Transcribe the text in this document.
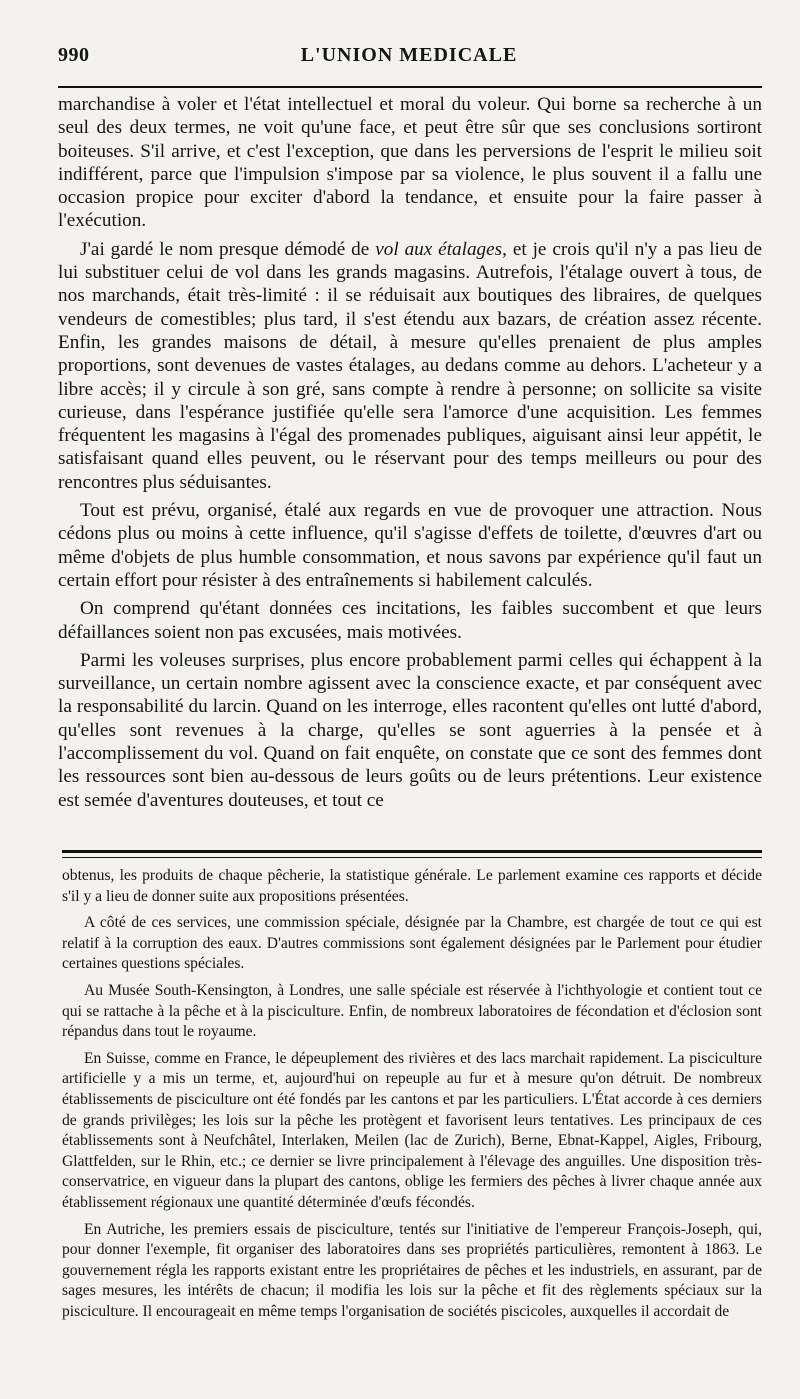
990	L'UNION MEDICALE

marchandise à voler et l'état intellectuel et moral du voleur. Qui borne sa recherche à un seul des deux termes, ne voit qu'une face, et peut être sûr que ses conclusions sortiront boiteuses. S'il arrive, et c'est l'exception, que dans les perversions de l'esprit le milieu soit indifférent, parce que l'impulsion s'impose par sa violence, le plus souvent il a fallu une occasion propice pour exciter d'abord la tendance, et ensuite pour la faire passer à l'exécution.

J'ai gardé le nom presque démodé de vol aux étalages, et je crois qu'il n'y a pas lieu de lui substituer celui de vol dans les grands magasins. Autrefois, l'étalage ouvert à tous, de nos marchands, était très-limité : il se réduisait aux boutiques des libraires, de quelques vendeurs de comestibles; plus tard, il s'est étendu aux bazars, de création assez récente. Enfin, les grandes maisons de détail, à mesure qu'elles prenaient de plus amples proportions, sont devenues de vastes étalages, au dedans comme au dehors. L'acheteur y a libre accès; il y circule à son gré, sans compte à rendre à personne; on sollicite sa visite curieuse, dans l'espérance justifiée qu'elle sera l'amorce d'une acquisition. Les femmes fréquentent les magasins à l'égal des promenades publiques, aiguisant ainsi leur appétit, le satisfaisant quand elles peuvent, ou le réservant pour des temps meilleurs ou pour des rencontres plus séduisantes.

Tout est prévu, organisé, étalé aux regards en vue de provoquer une attraction. Nous cédons plus ou moins à cette influence, qu'il s'agisse d'effets de toilette, d'œuvres d'art ou même d'objets de plus humble consommation, et nous savons par expérience qu'il faut un certain effort pour résister à des entraînements si habilement calculés.

On comprend qu'étant données ces incitations, les faibles succombent et que leurs défaillances soient non pas excusées, mais motivées.

Parmi les voleuses surprises, plus encore probablement parmi celles qui échappent à la surveillance, un certain nombre agissent avec la conscience exacte, et par conséquent avec la responsabilité du larcin. Quand on les interroge, elles racontent qu'elles ont lutté d'abord, qu'elles sont revenues à la charge, qu'elles se sont aguerries à la pensée et à l'accomplissement du vol. Quand on fait enquête, on constate que ce sont des femmes dont les ressources sont bien au-dessous de leurs goûts ou de leurs prétentions. Leur existence est semée d'aventures douteuses, et tout ce

obtenus, les produits de chaque pêcherie, la statistique générale. Le parlement examine ces rapports et décide s'il y a lieu de donner suite aux propositions présentées.

A côté de ces services, une commission spéciale, désignée par la Chambre, est chargée de tout ce qui est relatif à la corruption des eaux. D'autres commissions sont également désignées par le Parlement pour étudier certaines questions spéciales.

Au Musée South-Kensington, à Londres, une salle spéciale est réservée à l'ichthyologie et contient tout ce qui se rattache à la pêche et à la pisciculture. Enfin, de nombreux laboratoires de fécondation et d'éclosion sont répandus dans tout le royaume.

En Suisse, comme en France, le dépeuplement des rivières et des lacs marchait rapidement. La pisciculture artificielle y a mis un terme, et, aujourd'hui on repeuple au fur et à mesure qu'on détruit. De nombreux établissements de pisciculture ont été fondés par les cantons et par les particuliers. L'État accorde à ces derniers de grands privilèges; les lois sur la pêche les protègent et favorisent leurs tentatives. Les principaux de ces établissements sont à Neufchâtel, Interlaken, Meilen (lac de Zurich), Berne, Ebnat-Kappel, Aigles, Fribourg, Glattfelden, sur le Rhin, etc.; ce dernier se livre principalement à l'élevage des anguilles. Une disposition très-conservatrice, en vigueur dans la plupart des cantons, oblige les fermiers des pêches à livrer chaque année aux établissement régionaux une quantité déterminée d'œufs fécondés.

En Autriche, les premiers essais de pisciculture, tentés sur l'initiative de l'empereur François-Joseph, qui, pour donner l'exemple, fit organiser des laboratoires dans ses propriétés particulières, remontent à 1863. Le gouvernement régla les rapports existant entre les propriétaires de pêches et les industriels, en assurant, par de sages mesures, les intérêts de chacun; il modifia les lois sur la pêche et fit des règlements spéciaux sur la pisciculture. Il encourageait en même temps l'organisation de sociétés piscicoles, auxquelles il accordait de
